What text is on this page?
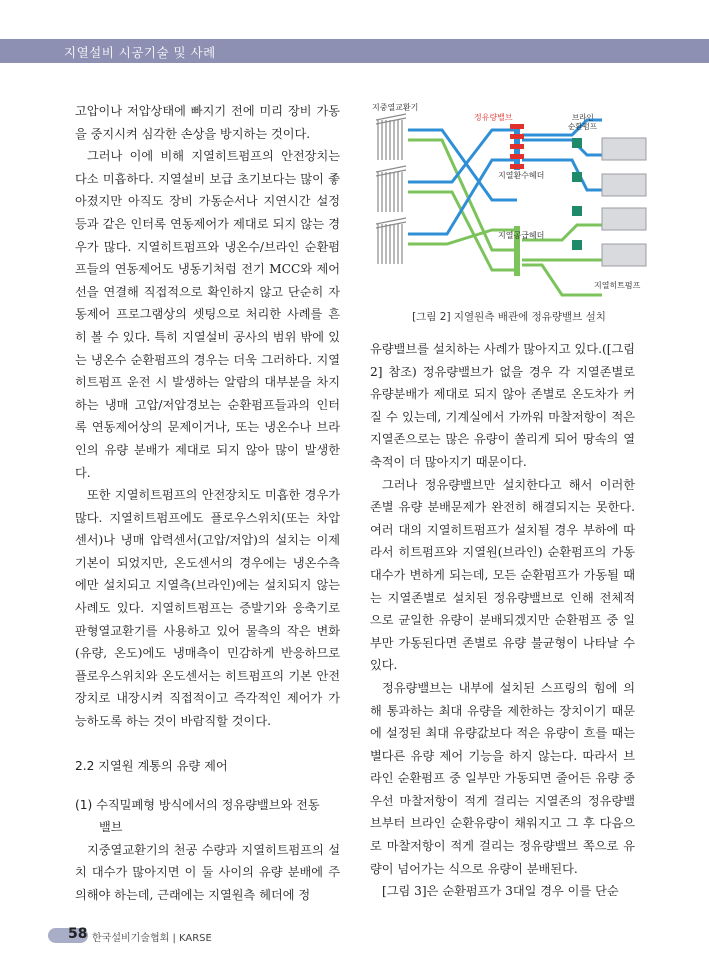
지열설비 시공기술 및 사례

고압이나 저압상태에 빠지기 전에 미리 장비 가동을 중지시켜 심각한 손상을 방지하는 것이다.

그러나 이에 비해 지열히트펌프의 안전장치는 다소 미흡하다. 지열설비 보급 초기보다는 많이 좋아졌지만 아직도 장비 가동순서나 지연시간 설정 등과 같은 인터록 연동제어가 제대로 되지 않는 경우가 많다. 지열히트펌프와 냉온수/브라인 순환펌프들의 연동제어도 냉동기처럼 전기 MCC와 제어선을 연결해 직접적으로 확인하지 않고 단순히 자동제어 프로그램상의 셋팅으로 처리한 사례를 흔히 볼 수 있다. 특히 지열설비 공사의 범위 밖에 있는 냉온수 순환펌프의 경우는 더욱 그러하다. 지열히트펌프 운전 시 발생하는 알람의 대부분을 차지하는 냉매 고압/저압경보는 순환펌프들과의 인터록 연동제어상의 문제이거나, 또는 냉온수나 브라인의 유량 분배가 제대로 되지 않아 많이 발생한다.

또한 지열히트펌프의 안전장치도 미흡한 경우가 많다. 지열히트펌프에도 플로우스위치(또는 차압센서)나 냉매 압력센서(고압/저압)의 설치는 이제 기본이 되었지만, 온도센서의 경우에는 냉온수측에만 설치되고 지열측(브라인)에는 설치되지 않는 사례도 있다. 지열히트펌프는 증발기와 응축기로 판형열교환기를 사용하고 있어 물측의 작은 변화(유량, 온도)에도 냉매측이 민감하게 반응하므로 플로우스위치와 온도센서는 히트펌프의 기본 안전장치로 내장시켜 직접적이고 즉각적인 제어가 가능하도록 하는 것이 바람직할 것이다.

2.2 지열원 계통의 유량 제어
(1) 수직밀폐형 방식에서의 정유량밸브와 전동
밸브

지중열교환기의 천공 수량과 지열히트펌프의 설치 대수가 많아지면 이 둘 사이의 유량 분배에 주의해야 하는데, 근래에는 지열원측 헤더에 정

지중열교환기
정유량밸브	브라인
순환펌프
지열환수헤더
지열공급헤더
지열히트펌프
[그림 2] 지열원측 배관에 정유량밸브 설치

유량밸브를 설치하는 사례가 많아지고 있다.([그림 2] 참조) 정유량밸브가 없을 경우 각 지열존별로 유량분배가 제대로 되지 않아 존별로 온도차가 커질 수 있는데, 기계실에서 가까워 마찰저항이 적은 지열존으로는 많은 유량이 쏠리게 되어 땅속의 열축적이 더 많아지기 때문이다.

그러나 정유량밸브만 설치한다고 해서 이러한 존별 유량 분배문제가 완전히 해결되지는 못한다. 여러 대의 지열히트펌프가 설치될 경우 부하에 따라서 히트펌프와 지열원(브라인) 순환펌프의 가동 대수가 변하게 되는데, 모든 순환펌프가 가동될 때는 지열존별로 설치된 정유량밸브로 인해 전체적으로 균일한 유량이 분배되겠지만 순환펌프 중 일부만 가동된다면 존별로 유량 불균형이 나타날 수 있다.

정유량밸브는 내부에 설치된 스프링의 힘에 의해 통과하는 최대 유량을 제한하는 장치이기 때문에 설정된 최대 유량값보다 적은 유량이 흐를 때는 별다른 유량 제어 기능을 하지 않는다. 따라서 브라인 순환펌프 중 일부만 가동되면 줄어든 유량 중 우선 마찰저항이 적게 걸리는 지열존의 정유량밸브부터 브라인 순환유량이 채워지고 그 후 다음으로 마찰저항이 적게 걸리는 정유량밸브 쪽으로 유량이 넘어가는 식으로 유량이 분배된다.

[그림 3]은 순환펌프가 3대일 경우 이를 단순

58 한국설비기술협회 | KARSE
